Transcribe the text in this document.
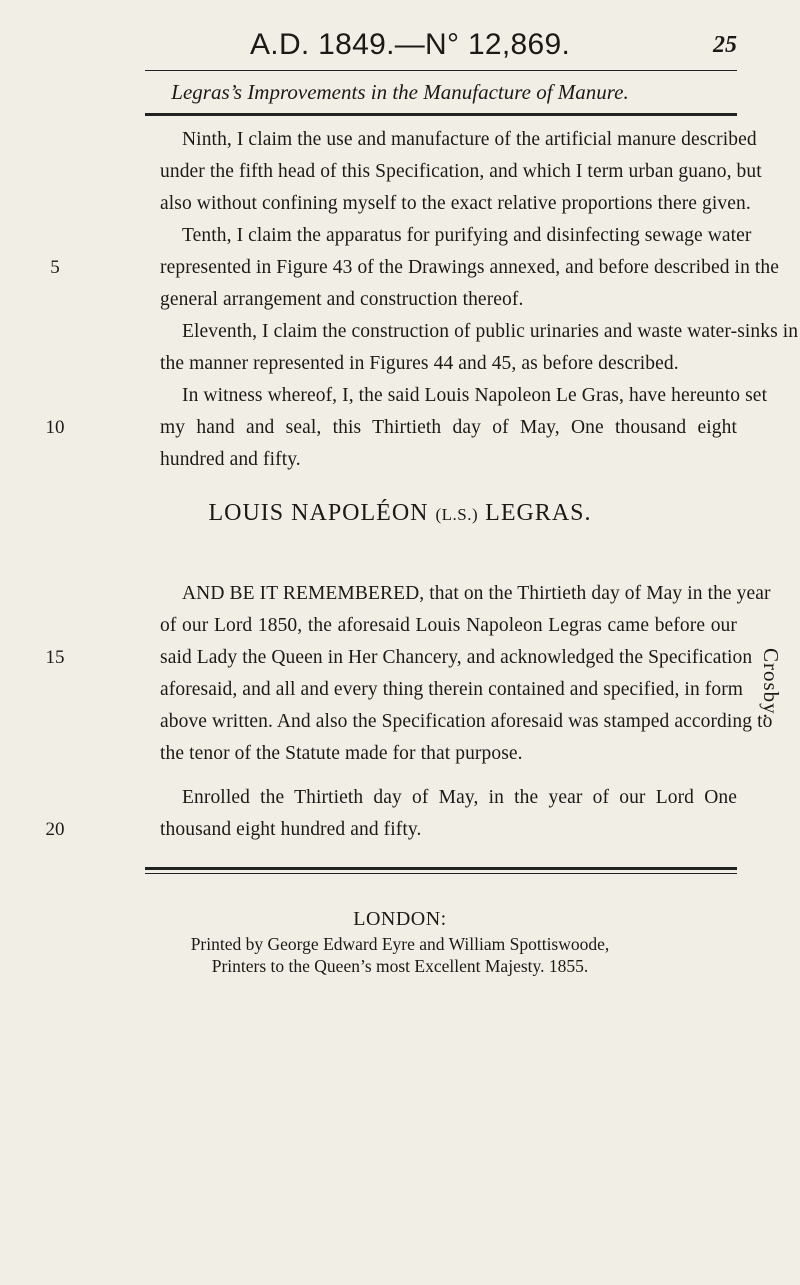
A.D. 1849.—N° 12,869.	25
Legras’s Improvements in the Manufacture of Manure.
Ninth, I claim the use and manufacture of the artificial manure described
under the fifth head of this Specification, and which I term urban guano, but
also without confining myself to the exact relative proportions there given.
Tenth, I claim the apparatus for purifying and disinfecting sewage water
represented in Figure 43 of the Drawings annexed, and before described in the
general arrangement and construction thereof.
Eleventh, I claim the construction of public urinaries and waste water-sinks in
the manner represented in Figures 44 and 45, as before described.
In witness whereof, I, the said Louis Napoleon Le Gras, have hereunto set
my hand and seal, this Thirtieth day of May, One thousand eight
hundred and fifty.
LOUIS NAPOLÉON (L.S.) LEGRAS.
AND BE IT REMEMBERED, that on the Thirtieth day of May in the year
of our Lord 1850, the aforesaid Louis Napoleon Legras came before our
said Lady the Queen in Her Chancery, and acknowledged the Specification
aforesaid, and all and every thing therein contained and specified, in form
above written. And also the Specification aforesaid was stamped according to
the tenor of the Statute made for that purpose.
Enrolled the Thirtieth day of May, in the year of our Lord One
thousand eight hundred and fifty.
5
10
15
20
Crosby.
LONDON:
Printed by George Edward Eyre and William Spottiswoode,
Printers to the Queen’s most Excellent Majesty. 1855.
